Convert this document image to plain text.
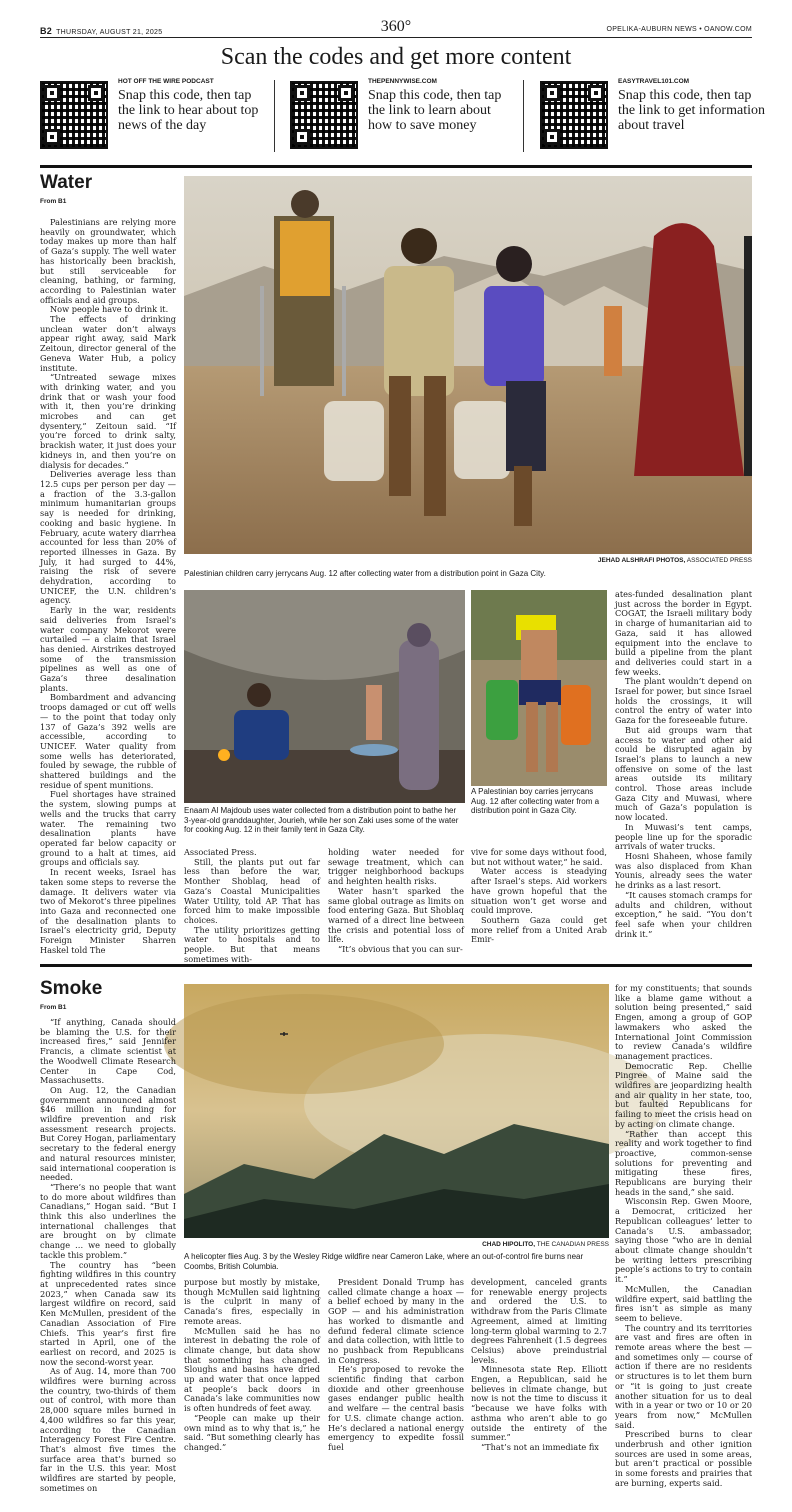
B2 THURSDAY, AUGUST 21, 2025	360°	OPELIKA-AUBURN NEWS • OANOW.COM
Scan the codes and get more content
HOT OFF THE WIRE PODCAST
Snap this code, then tap the link to hear about top news of the day
THEPENNYWISE.COM
Snap this code, then tap the link to learn about how to save money
EASYTRAVEL101.COM
Snap this code, then tap the link to get information about travel
Water
From B1
JEHAD ALSHRAFI PHOTOS, ASSOCIATED PRESS
Palestinian children carry jerrycans Aug. 12 after collecting water from a distribution point in Gaza City.

Palestinians are relying more heavily on groundwater, which today makes up more than half of Gaza’s supply. The well water has historically been brackish, but still serviceable for cleaning, bathing, or farming, according to Palestinian water officials and aid groups.

Now people have to drink it.

The effects of drinking unclean water don’t always appear right away, said Mark Zeitoun, director general of the Geneva Water Hub, a policy institute.

“Untreated sewage mixes with drinking water, and you drink that or wash your food with it, then you’re drinking microbes and can get dysentery,” Zeitoun said. “If you’re forced to drink salty, brackish water, it just does your kidneys in, and then you’re on dialysis for decades.”

Deliveries average less than 12.5 cups per person per day — a fraction of the 3.3-gallon minimum humanitarian groups say is needed for drinking, cooking and basic hygiene. In February, acute watery diarrhea accounted for less than 20% of reported illnesses in Gaza. By July, it had surged to 44%, raising the risk of severe dehydration, according to UNICEF, the U.N. children’s agency.

Early in the war, residents said deliveries from Israel’s water company Mekorot were curtailed — a claim that Israel has denied. Airstrikes destroyed some of the transmission pipelines as well as one of Gaza’s three desalination plants.

Bombardment and advancing troops damaged or cut off wells — to the point that today only 137 of Gaza’s 392 wells are accessible, according to UNICEF. Water quality from some wells has deteriorated, fouled by sewage, the rubble of shattered buildings and the residue of spent munitions.

Fuel shortages have strained the system, slowing pumps at wells and the trucks that carry water. The remaining two desalination plants have operated far below capacity or ground to a halt at times, aid groups and officials say.

In recent weeks, Israel has taken some steps to reverse the damage. It delivers water via two of Mekorot’s three pipelines into Gaza and reconnected one of the desalination plants to Israel’s electricity grid, Deputy Foreign Minister Sharren Haskel told The

Enaam Al Majdoub uses water collected from a distribution point to bathe her 3-year-old granddaughter, Jourieh, while her son Zaki uses some of the water for cooking Aug. 12 in their family tent in Gaza City.
A Palestinian boy carries jerrycans Aug. 12 after collecting water from a distribution point in Gaza City.

Associated Press.

Still, the plants put out far less than before the war, Monther Shoblaq, head of Gaza’s Coastal Municipalities Water Utility, told AP. That has forced him to make impossible choices.

The utility prioritizes getting water to hospitals and to people. But that means sometimes with-

holding water needed for sewage treatment, which can trigger neighborhood backups and heighten health risks.

Water hasn’t sparked the same global outrage as limits on food entering Gaza. But Shoblaq warned of a direct line between the crisis and potential loss of life.

“It’s obvious that you can sur-

vive for some days without food, but not without water,” he said.

Water access is steadying after Israel’s steps. Aid workers have grown hopeful that the situation won’t get worse and could improve.

Southern Gaza could get more relief from a United Arab Emir-

ates-funded desalination plant just across the border in Egypt. COGAT, the Israeli military body in charge of humanitarian aid to Gaza, said it has allowed equipment into the enclave to build a pipeline from the plant and deliveries could start in a few weeks.

The plant wouldn’t depend on Israel for power, but since Israel holds the crossings, it will control the entry of water into Gaza for the foreseeable future.

But aid groups warn that access to water and other aid could be disrupted again by Israel’s plans to launch a new offensive on some of the last areas outside its military control. Those areas include Gaza City and Muwasi, where much of Gaza’s population is now located.

In Muwasi’s tent camps, people line up for the sporadic arrivals of water trucks.

Hosni Shaheen, whose family was also displaced from Khan Younis, already sees the water he drinks as a last resort.

“It causes stomach cramps for adults and children, without exception,” he said. “You don’t feel safe when your children drink it.”

Smoke
From B1
CHAD HIPOLITO, THE CANADIAN PRESS
A helicopter flies Aug. 3 by the Wesley Ridge wildfire near Cameron Lake, where an out-of-control fire burns near Coombs, British Columbia.

“If anything, Canada should be blaming the U.S. for their increased fires,” said Jennifer Francis, a climate scientist at the Woodwell Climate Research Center in Cape Cod, Massachusetts.

On Aug. 12, the Canadian government announced almost $46 million in funding for wildfire prevention and risk assessment research projects. But Corey Hogan, parliamentary secretary to the federal energy and natural resources minister, said international cooperation is needed.

“There’s no people that want to do more about wildfires than Canadians,” Hogan said. “But I think this also underlines the international challenges that are brought on by climate change … we need to globally tackle this problem.”

The country has “been fighting wildfires in this country at unprecedented rates since 2023,” when Canada saw its largest wildfire on record, said Ken McMullen, president of the Canadian Association of Fire Chiefs. This year’s first fire started in April, one of the earliest on record, and 2025 is now the second-worst year.

As of Aug. 14, more than 700 wildfires were burning across the country, two-thirds of them out of control, with more than 28,000 square miles burned in 4,400 wildfires so far this year, according to the Canadian Interagency Forest Fire Centre. That’s almost five times the surface area that’s burned so far in the U.S. this year. Most wildfires are started by people, sometimes on

purpose but mostly by mistake, though McMullen said lightning is the culprit in many of Canada’s fires, especially in remote areas.

McMullen said he has no interest in debating the role of climate change, but data show that something has changed. Sloughs and basins have dried up and water that once lapped at people’s back doors in Canada’s lake communities now is often hundreds of feet away.

“People can make up their own mind as to why that is,” he said. “But something clearly has changed.”

President Donald Trump has called climate change a hoax — a belief echoed by many in the GOP — and his administration has worked to dismantle and defund federal climate science and data collection, with little to no pushback from Republicans in Congress.

He’s proposed to revoke the scientific finding that carbon dioxide and other greenhouse gases endanger public health and welfare — the central basis for U.S. climate change action. He’s declared a national energy emergency to expedite fossil fuel

development, canceled grants for renewable energy projects and ordered the U.S. to withdraw from the Paris Climate Agreement, aimed at limiting long-term global warming to 2.7 degrees Fahrenheit (1.5 degrees Celsius) above preindustrial levels.

Minnesota state Rep. Elliott Engen, a Republican, said he believes in climate change, but now is not the time to discuss it “because we have folks with asthma who aren’t able to go outside the entirety of the summer.”

“That’s not an immediate fix

for my constituents; that sounds like a blame game without a solution being presented,” said Engen, among a group of GOP lawmakers who asked the International Joint Commission to review Canada’s wildfire management practices.

Democratic Rep. Chellie Pingree of Maine said the wildfires are jeopardizing health and air quality in her state, too, but faulted Republicans for failing to meet the crisis head on by acting on climate change.

“Rather than accept this reality and work together to find proactive, common-sense solutions for preventing and mitigating these fires, Republicans are burying their heads in the sand,” she said.

Wisconsin Rep. Gwen Moore, a Democrat, criticized her Republican colleagues’ letter to Canada’s U.S. ambassador, saying those “who are in denial about climate change shouldn’t be writing letters prescribing people’s actions to try to contain it.”

McMullen, the Canadian wildfire expert, said battling the fires isn’t as simple as many seem to believe.

The country and its territories are vast and fires are often in remote areas where the best — and sometimes only — course of action if there are no residents or structures is to let them burn or “it is going to just create another situation for us to deal with in a year or two or 10 or 20 years from now,” McMullen said.

Prescribed burns to clear underbrush and other ignition sources are used in some areas, but aren’t practical or possible in some forests and prairies that are burning, experts said.
